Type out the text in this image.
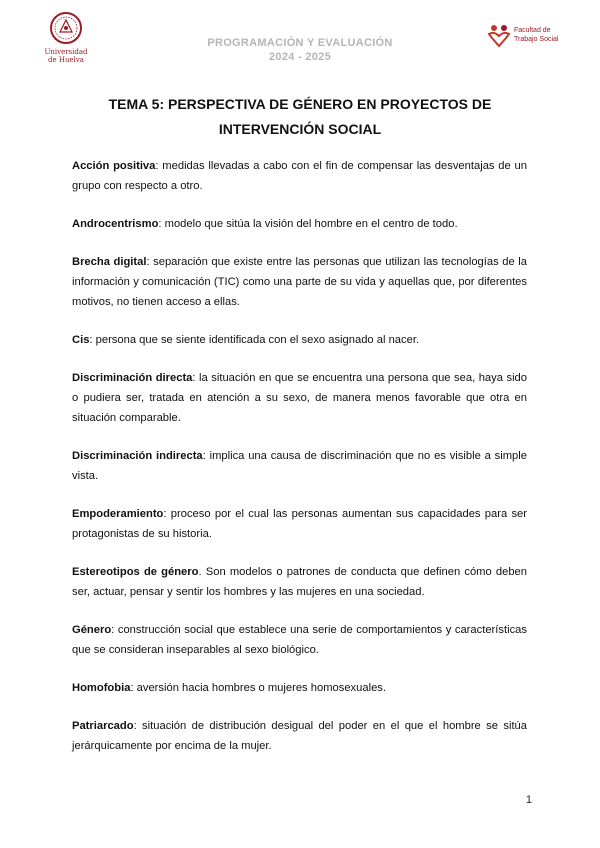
Universidad
de Huelva
PROGRAMACIÓN Y EVALUACIÓN
2024 - 2025
Facultad de
Trabajo Social
TEMA 5: PERSPECTIVA DE GÉNERO EN PROYECTOS DE
INTERVENCIÓN SOCIAL

Acción positiva: medidas llevadas a cabo con el fin de compensar las desventajas de un grupo con respecto a otro.

Androcentrismo: modelo que sitúa la visión del hombre en el centro de todo.

Brecha digital: separación que existe entre las personas que utilizan las tecnologías de la información y comunicación (TIC) como una parte de su vida y aquellas que, por diferentes motivos, no tienen acceso a ellas.

Cis: persona que se siente identificada con el sexo asignado al nacer.

Discriminación directa: la situación en que se encuentra una persona que sea, haya sido o pudiera ser, tratada en atención a su sexo, de manera menos favorable que otra en situación comparable.

Discriminación indirecta: implica una causa de discriminación que no es visible a simple vista.

Empoderamiento: proceso por el cual las personas aumentan sus capacidades para ser protagonistas de su historia.

Estereotipos de género. Son modelos o patrones de conducta que definen cómo deben ser, actuar, pensar y sentir los hombres y las mujeres en una sociedad.

Género: construcción social que establece una serie de comportamientos y características que se consideran inseparables al sexo biológico.

Homofobia: aversión hacia hombres o mujeres homosexuales.

Patriarcado: situación de distribución desigual del poder en el que el hombre se sitúa jerárquicamente por encima de la mujer.

1
